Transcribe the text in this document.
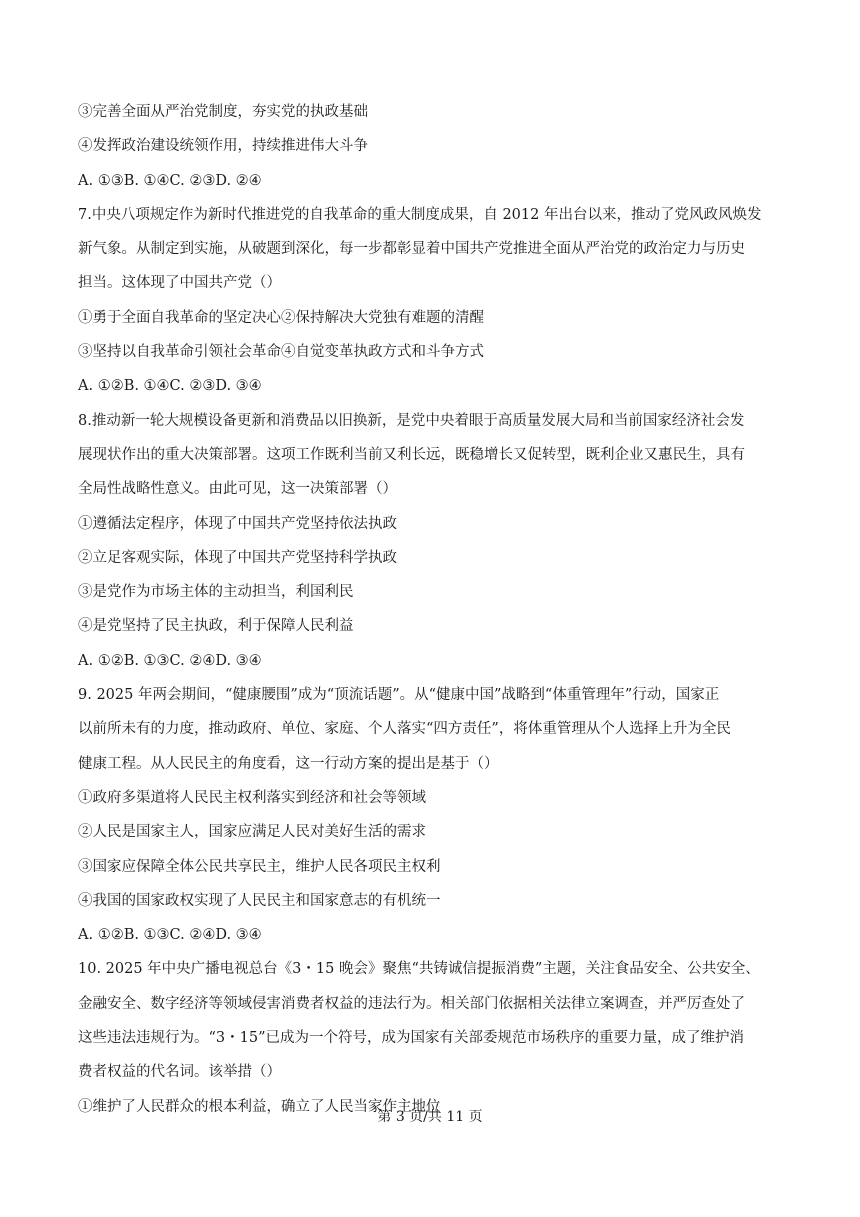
③完善全面从严治党制度，夯实党的执政基础
④发挥政治建设统领作用，持续推进伟大斗争
A. ①③B. ①④C. ②③D. ②④
7.中央八项规定作为新时代推进党的自我革命的重大制度成果，自 2012 年出台以来，推动了党风政风焕发
新气象。从制定到实施，从破题到深化，每一步都彰显着中国共产党推进全面从严治党的政治定力与历史
担当。这体现了中国共产党（）
①勇于全面自我革命的坚定决心②保持解决大党独有难题的清醒
③坚持以自我革命引领社会革命④自觉变革执政方式和斗争方式
A. ①②B. ①④C. ②③D. ③④
8.推动新一轮大规模设备更新和消费品以旧换新，是党中央着眼于高质量发展大局和当前国家经济社会发
展现状作出的重大决策部署。这项工作既利当前又利长远，既稳增长又促转型，既利企业又惠民生，具有
全局性战略性意义。由此可见，这一决策部署（）
①遵循法定程序，体现了中国共产党坚持依法执政
②立足客观实际，体现了中国共产党坚持科学执政
③是党作为市场主体的主动担当，利国利民
④是党坚持了民主执政，利于保障人民利益
A. ①②B. ①③C. ②④D. ③④
9. 2025 年两会期间，“健康腰围”成为“顶流话题”。从“健康中国”战略到“体重管理年”行动，国家正
以前所未有的力度，推动政府、单位、家庭、个人落实“四方责任”，将体重管理从个人选择上升为全民
健康工程。从人民民主的角度看，这一行动方案的提出是基于（）
①政府多渠道将人民民主权利落实到经济和社会等领域
②人民是国家主人，国家应满足人民对美好生活的需求
③国家应保障全体公民共享民主，维护人民各项民主权利
④我国的国家政权实现了人民民主和国家意志的有机统一
A. ①②B. ①③C. ②④D. ③④
10. 2025 年中央广播电视总台《3・15 晚会》聚焦“共铸诚信提振消费”主题，关注食品安全、公共安全、
金融安全、数字经济等领域侵害消费者权益的违法行为。相关部门依据相关法律立案调查，并严厉查处了
这些违法违规行为。“3・15”已成为一个符号，成为国家有关部委规范市场秩序的重要力量，成了维护消
费者权益的代名词。该举措（）
①维护了人民群众的根本利益，确立了人民当家作主地位
第 3 页/共 11 页
